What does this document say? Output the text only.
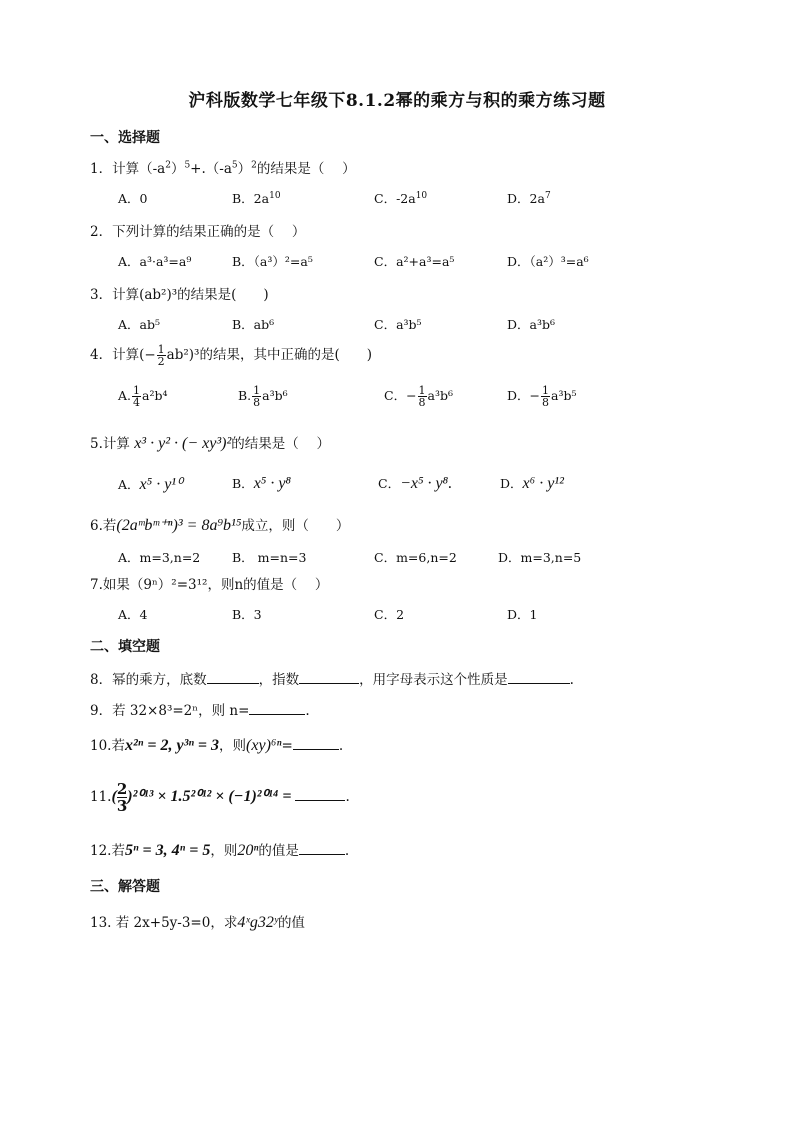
沪科版数学七年级下8.1.2幂的乘方与积的乘方练习题
一、选择题
1．计算$(-a^2)^5+.(-a^5)^2$的结果是（　 ）
A．0	B．$2a^{10}$	C．$-2a^{10}$	D．$2a^7$
2．下列计算的结果正确的是（　 ）
A．a³·a³=a⁹	B．（a³）²=a⁵	C．a²+a³=a⁵	D．（a²）³=a⁶
3．计算(ab²)³的结果是(　　)
A．ab⁵	B．ab⁶	C．a³b⁵	D．a³b⁶
4．计算(− $\frac{1}{2} ab^2)^3$的结果，其中正确的是(　　)
A. $\frac{1}{4} a^2b^4$	B. $\frac{1}{8} a^3b^6$	C．− $\frac{1}{8} a^3b^6$	D．− $\frac{1}{8} a^3b^5$
5.计算 x³ · y² · (− xy³)²的结果是（　 ）
A．x⁵ · y¹⁰	B．x⁵ · y⁸	C．−x⁵ · y⁸.	D．x⁶ · y¹²
6.若(2aᵐbᵐ⁺ⁿ)³ = 8a⁹b¹⁵成立，则（　　）
A．m=3,n=2	B． m=n=3	C．m=6,n=2	D．m=3,n=5
7.如果（9ⁿ）²=3¹²，则n的值是（　 ）
A．4	B．3	C．2	D．1
二、填空题
8．幂的乘方，底数	，指数	，用字母表示这个性质是	.
9．若 32×8³=2ⁿ，则 n=	.
10.若x²ⁿ = 2, y³ⁿ = 3，则(xy)⁶ⁿ=	.
$11.( \frac{2}{3})^{2013} \times 1.5^{2012} \times (-1)^{2014}$ =	.
12.若5ⁿ = 3, 4ⁿ = 5，则20ⁿ的值是	.
三、解答题
13. 若 2x+5y-3=0，求4ˣg32ʸ的值
